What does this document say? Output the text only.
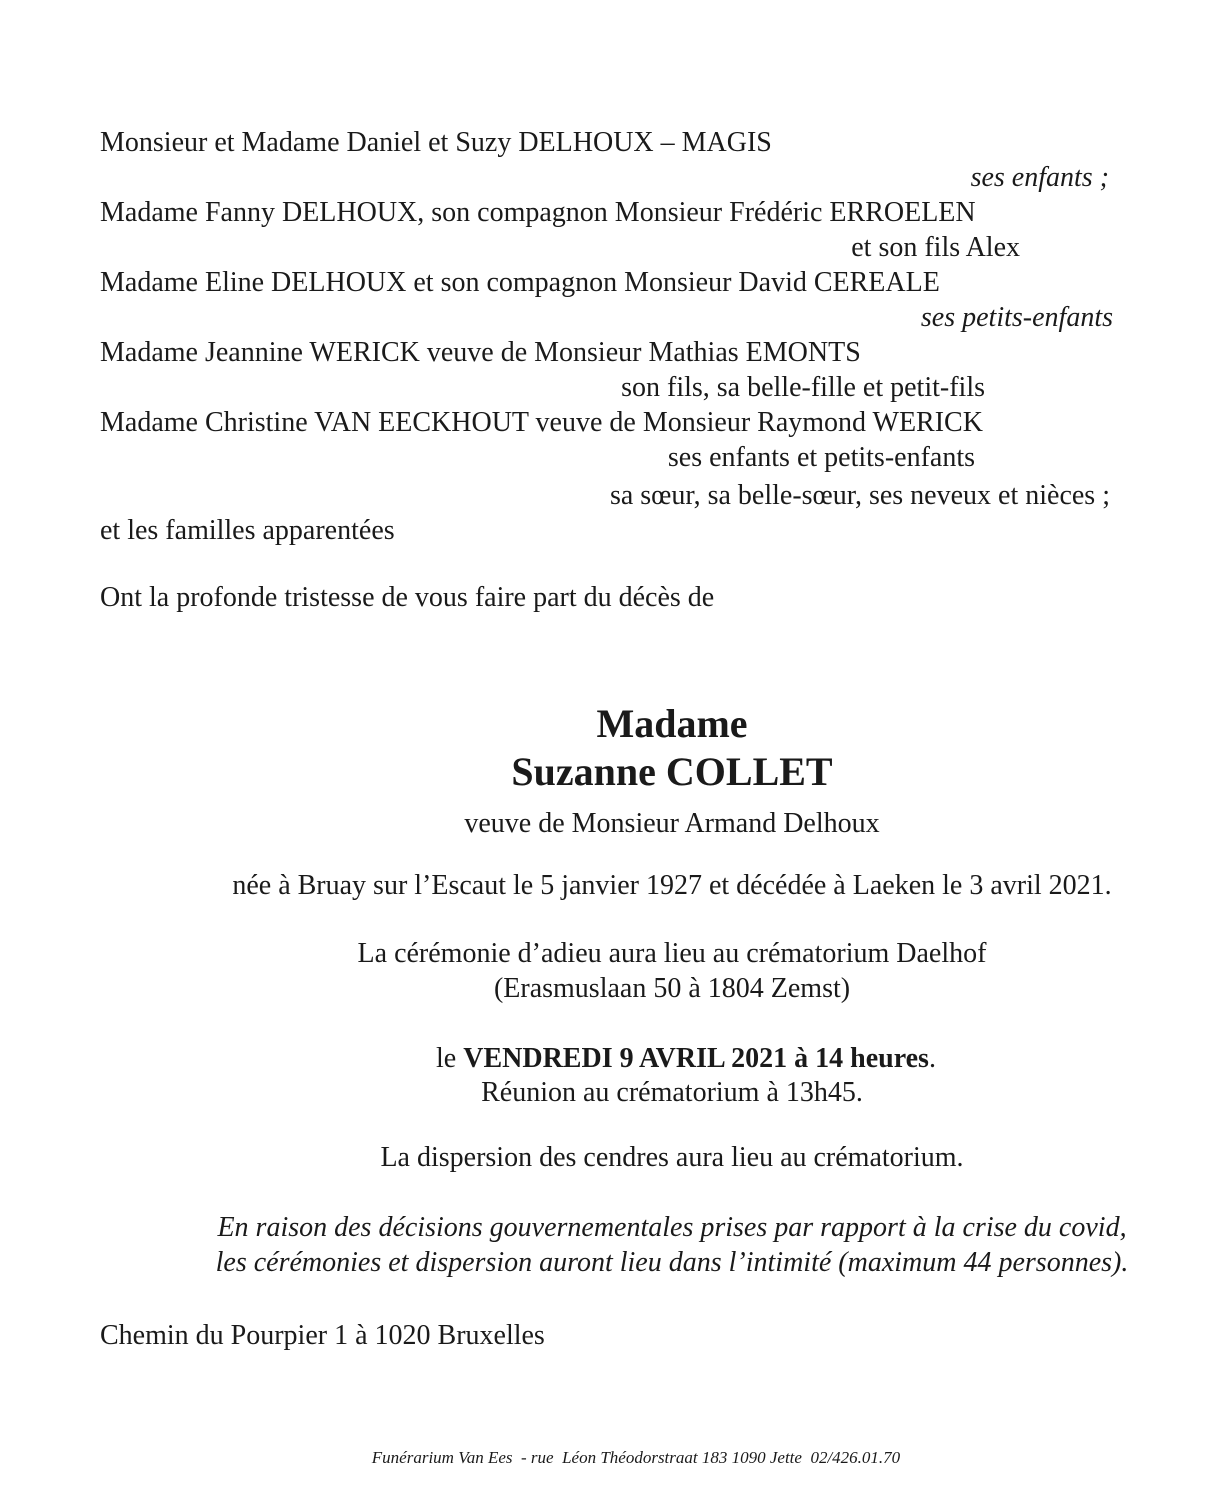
Monsieur et Madame Daniel et Suzy DELHOUX – MAGIS
ses enfants ;
Madame Fanny DELHOUX, son compagnon Monsieur Frédéric ERROELEN
et son fils Alex
Madame Eline DELHOUX et son compagnon Monsieur David CEREALE
ses petits-enfants
Madame Jeannine WERICK veuve de Monsieur Mathias EMONTS
son fils, sa belle-fille et petit-fils
Madame Christine VAN EECKHOUT veuve de Monsieur Raymond WERICK
ses enfants et petits-enfants
sa sœur, sa belle-sœur, ses neveux et nièces ;
et les familles apparentées
Ont la profonde tristesse de vous faire part du décès de
Madame
Suzanne COLLET
veuve de Monsieur Armand Delhoux
née à Bruay sur l’Escaut le 5 janvier 1927 et décédée à Laeken le 3 avril 2021.
La cérémonie d’adieu aura lieu au crématorium Daelhof
(Erasmuslaan 50 à 1804 Zemst)

le VENDREDI 9 AVRIL 2021 à 14 heures.

Réunion au crématorium à 13h45.
La dispersion des cendres aura lieu au crématorium.
En raison des décisions gouvernementales prises par rapport à la crise du covid,
les cérémonies et dispersion auront lieu dans l’intimité (maximum 44 personnes).
Chemin du Pourpier 1 à 1020 Bruxelles
Funérarium Van Ees  - rue  Léon Théodorstraat 183 1090 Jette  02/426.01.70
